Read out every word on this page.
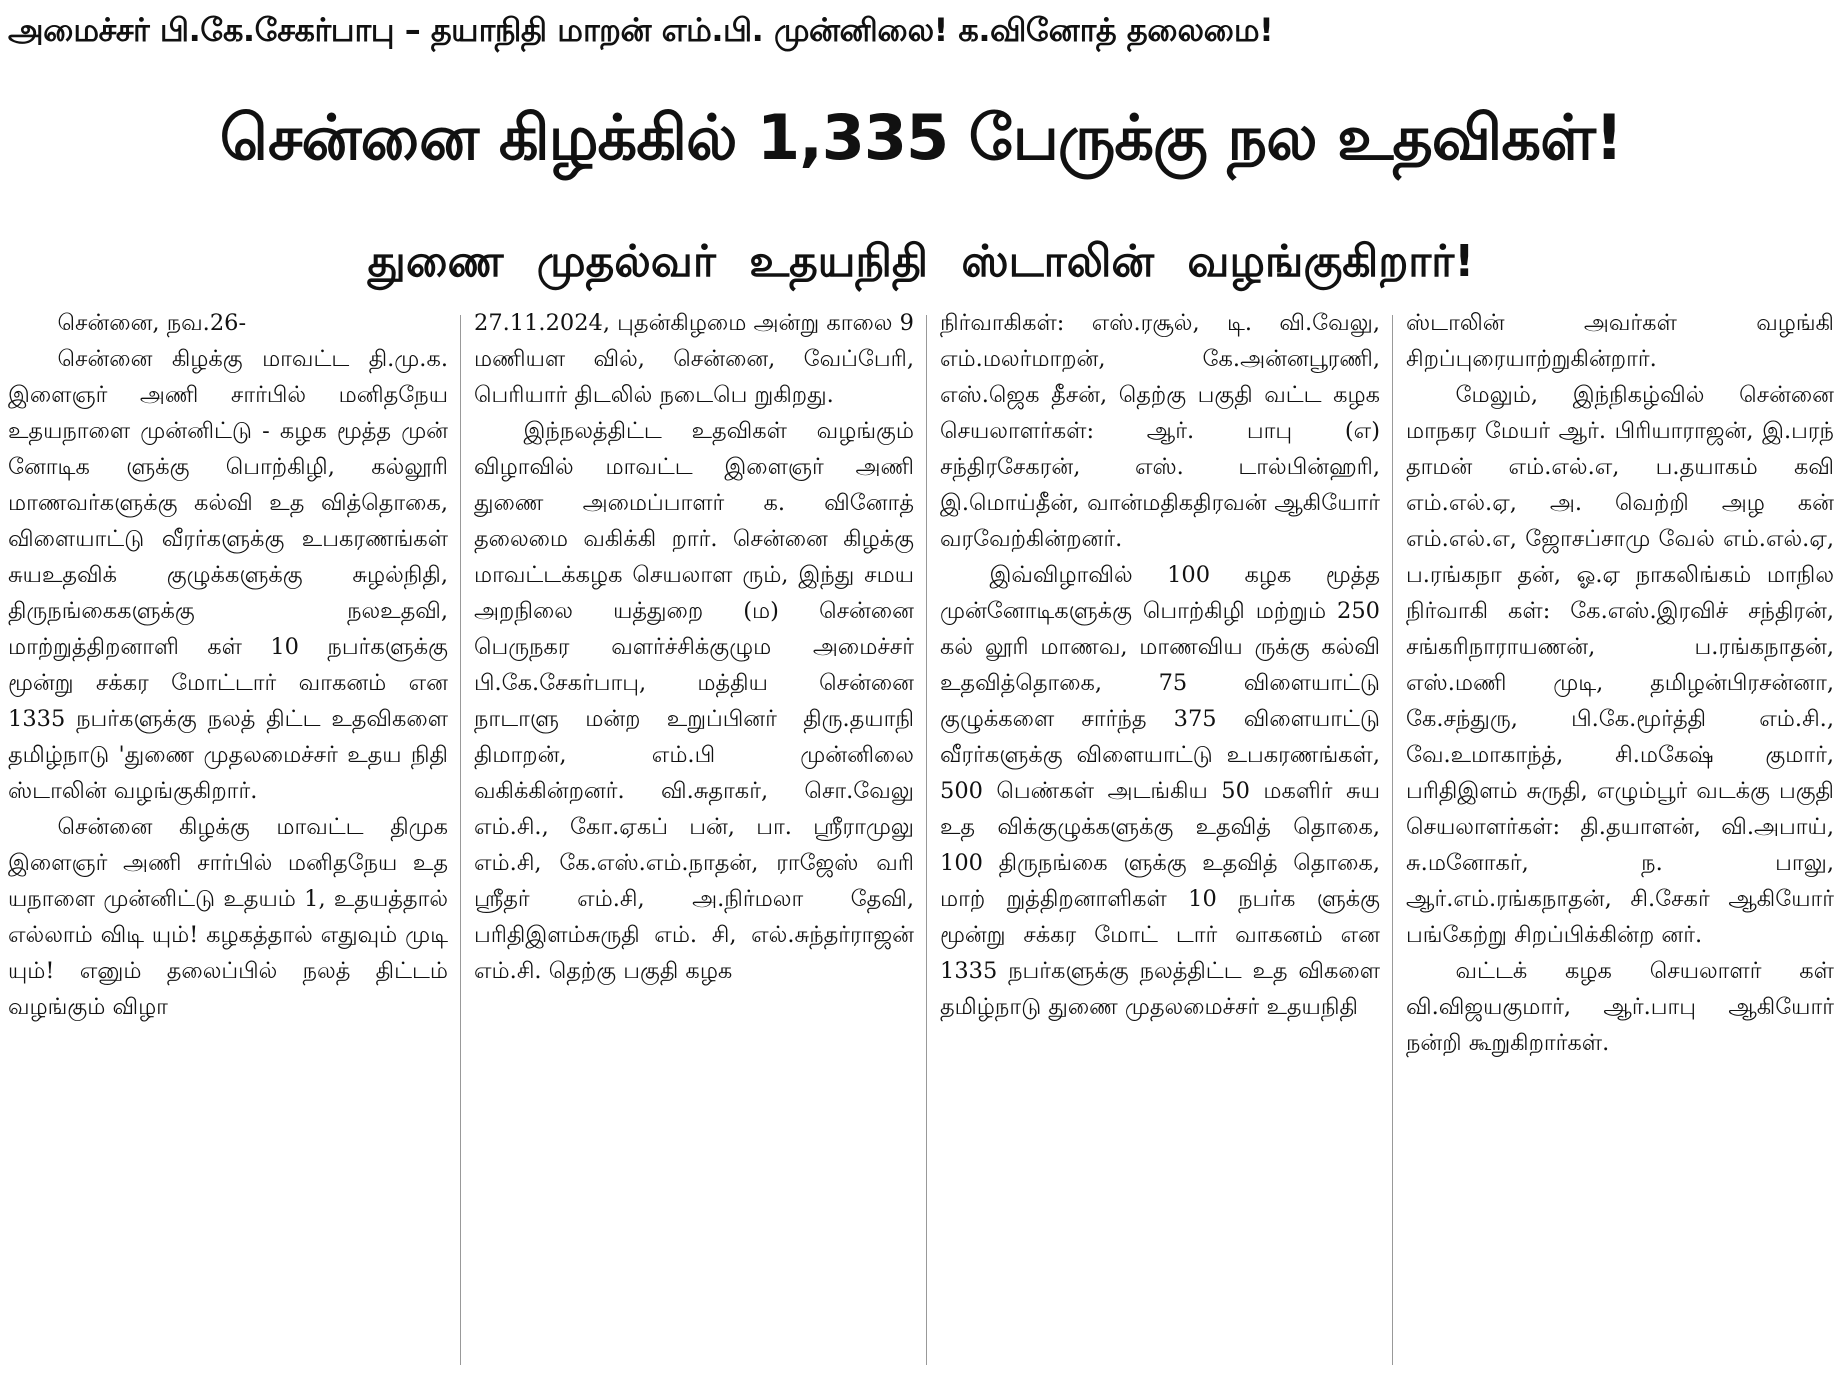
அமைச்சர் பி.கே.சேகர்பாபு – தயாநிதி மாறன் எம்.பி. முன்னிலை! க.வினோத் தலைமை!
சென்னை கிழக்கில் 1,335 பேருக்கு நல உதவிகள்!
துணை முதல்வர் உதயநிதி ஸ்டாலின் வழங்குகிறார்!

சென்னை, நவ.26-

சென்னை கிழக்கு மாவட்ட தி.மு.க. இளைஞர் அணி சார்பில் மனிதநேய உதயநாளை முன்னிட்டு - கழக மூத்த முன் னோடிக ளுக்கு பொற்கிழி, கல்லூரி மாணவர்களுக்கு கல்வி உத வித்தொகை, விளையாட்டு வீரர்களுக்கு உபகரணங்கள் சுயஉதவிக் குழுக்களுக்கு சுழல்நிதி, திருநங்கைகளுக்கு நலஉதவி, மாற்றுத்திறனாளி கள் 10 நபர்களுக்கு மூன்று சக்கர மோட்டார் வாகனம் என 1335 நபர்களுக்கு நலத் திட்ட உதவிகளை தமிழ்நாடு 'துணை முதலமைச்சர் உதய நிதி ஸ்டாலின் வழங்குகிறார்.

சென்னை கிழக்கு மாவட்ட திமுக இளைஞர் அணி சார்பில் மனிதநேய உத யநாளை முன்னிட்டு உதயம் 1, உதயத்தால் எல்லாம் விடி யும்! கழகத்தால் எதுவும் முடி யும்! எனும் தலைப்பில் நலத் திட்டம் வழங்கும் விழா

27.11.2024, புதன்கிழமை அன்று காலை 9 மணியள வில், சென்னை, வேப்பேரி, பெரியார் திடலில் நடைபெ றுகிறது.

இந்நலத்திட்ட உதவிகள் வழங்கும் விழாவில் மாவட்ட இளைஞர் அணி துணை அமைப்பாளர் க. வினோத் தலைமை வகிக்கி றார். சென்னை கிழக்கு மாவட்டக்கழக செயலாள ரும், இந்து சமய அறநிலை யத்துறை (ம) சென்னை பெருநகர வளர்ச்சிக்குழும அமைச்சர் பி.கே.சேகர்பாபு, மத்திய சென்னை நாடாளு மன்ற உறுப்பினர் திரு.தயாநி திமாறன், எம்.பி முன்னிலை வகிக்கின்றனர். வி.சுதாகர், சொ.வேலு எம்.சி., கோ.ஏகப் பன், பா. ஸ்ரீராமுலு எம்.சி, கே.எஸ்.எம்.நாதன், ராஜேஸ் வரி ஸ்ரீதர் எம்.சி, அ.நிர்மலா தேவி, பரிதிஇளம்சுருதி எம். சி, எல்.சுந்தர்ராஜன் எம்.சி. தெற்கு பகுதி கழக

நிர்வாகிகள்: எஸ்.ரசூல், டி. வி.வேலு, எம்.மலர்மாறன், கே.அன்னபூரணி, எஸ்.ஜெக தீசன், தெற்கு பகுதி வட்ட கழக செயலாளர்கள்: ஆர். பாபு (எ) சந்திரசேகரன், எஸ். டால்பின்ஹரி, இ.மொய்தீன், வான்மதிகதிரவன் ஆகியோர் வரவேற்கின்றனர்.

இவ்விழாவில் 100 கழக மூத்த முன்னோடிகளுக்கு பொற்கிழி மற்றும் 250 கல் லூரி மாணவ, மாணவிய ருக்கு கல்வி உதவித்தொகை, 75 விளையாட்டு குழுக்களை சார்ந்த 375 விளையாட்டு வீரர்களுக்கு விளையாட்டு உபகரணங்கள், 500 பெண்கள் அடங்கிய 50 மகளிர் சுய உத விக்குழுக்களுக்கு உதவித் தொகை, 100 திருநங்கை ளுக்கு உதவித் தொகை, மாற் றுத்திறனாளிகள் 10 நபர்க ளுக்கு மூன்று சக்கர மோட் டார் வாகனம் என 1335 நபர்களுக்கு நலத்திட்ட உத விகளை தமிழ்நாடு துணை முதலமைச்சர் உதயநிதி

ஸ்டாலின் அவர்கள் வழங்கி சிறப்புரையாற்றுகின்றார்.

மேலும், இந்நிகழ்வில் சென்னை மாநகர மேயர் ஆர். பிரியாராஜன், இ.பரந் தாமன் எம்.எல்.எ, ப.தயாகம் கவி எம்.எல்.ஏ, அ. வெற்றி அழ கன் எம்.எல்.எ, ஜோசப்சாமு வேல் எம்.எல்.ஏ, ப.ரங்கநா தன், ஓ.ஏ நாகலிங்கம் மாநில நிர்வாகி கள்: கே.எஸ்.இரவிச் சந்திரன், சங்கரிநாராயணன், ப.ரங்கநாதன், எஸ்.மணி முடி, தமிழன்பிரசன்னா, கே.சந்துரு, பி.கே.மூர்த்தி எம்.சி., வே.உமாகாந்த், சி.மகேஷ் குமார், பரிதிஇளம் சுருதி, எழும்பூர் வடக்கு பகுதி செயலாளர்கள்: தி.தயாளன், வி.அபாய், சு.மனோகர், ந. பாலு, ஆர்.எம்.ரங்கநாதன், சி.சேகர் ஆகியோர் பங்கேற்று சிறப்பிக்கின்ற னர்.

வட்டக் கழக செயலாளர் கள் வி.விஜயகுமார், ஆர்.பாபு ஆகியோர் நன்றி கூறுகிறார்கள்.
